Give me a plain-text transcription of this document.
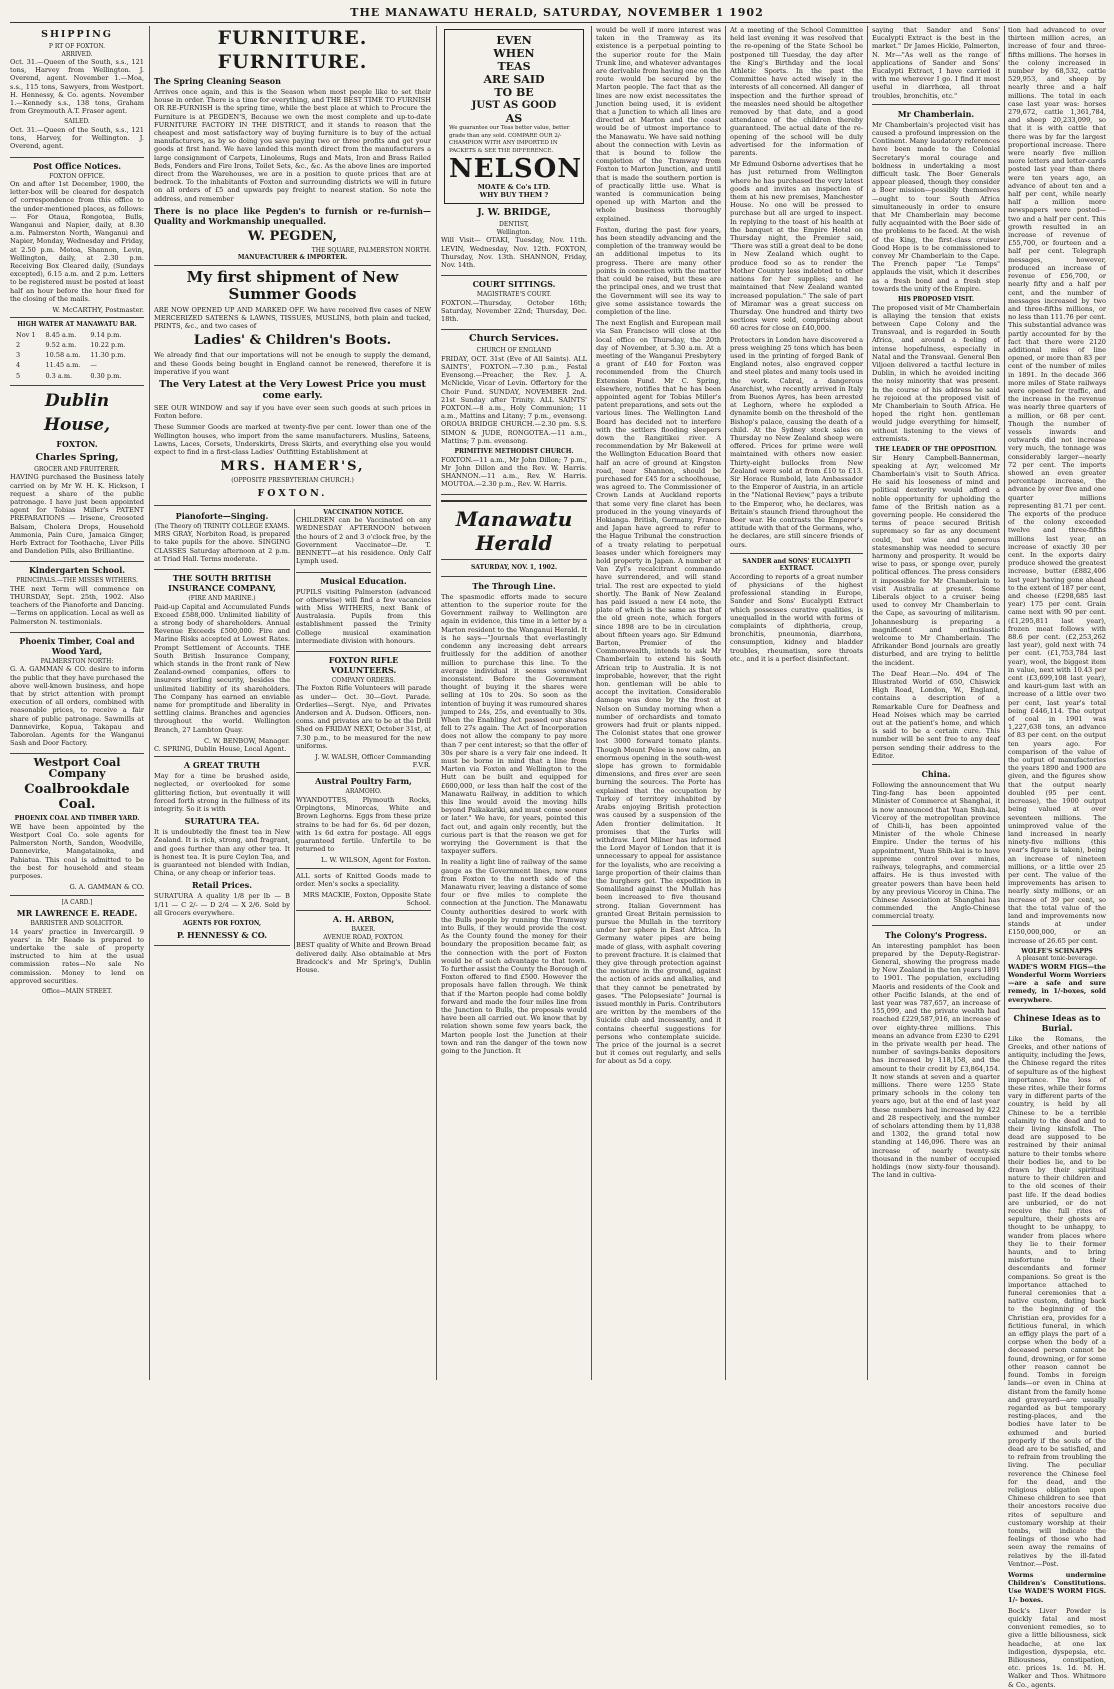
THE MANAWATU HERALD, SATURDAY, NOVEMBER 1 1902
SHIPPING
P RT OF FOXTON.
ARRIVED.

Oct. 31.—Queen of the South, s.s., 121 tons, Harvey from Wellington. J. Overend, agent. November 1.—Moa, s.s., 115 tons, Sawyers, from Westport. H. Hennessy, & Co. agents. November 1.—Kennedy s.s., 138 tons, Graham from Greymouth A.T. Fraser agent.

SAILED.

Oct. 31.—Queen of the South, s.s., 121 tons, Harvey, for Wellington. J. Overend, agent.

Post Office Notices.
FOXTON OFFICE.

On and after 1st December, 1900, the letter-box will be cleared for despatch of correspondence from this office to the under-mentioned places, as follows:— For Otaua, Rongotea, Bulls, Wanganui and Napier, daily, at 8.30 a.m. Palmerston North, Wanganui and Napier, Monday, Wednesday and Friday, at 2.50 p.m. Motoa, Shannon, Levin, Wellington, daily, at 2.30 p.m. Receiving Box Cleared daily, (Sundays excepted), 6.15 a.m. and 2 p.m. Letters to be registered must be posted at least half an hour before the hour fixed for the closing of the mails.

W. McCARTHY, Postmaster.
HIGH WATER AT MANAWATU BAR.
Nov 1	8.45 a.m.	9.14 p.m.
2	9.52 a.m.	10.22 p.m.
3	10.58 a.m.	11.30 p.m.
4	11.45 a.m.	—
5	0.3 a.m.	0.30 p.m.
Dublin House,
FOXTON.
Charles Spring,
GROCER AND FRUITERER.

HAVING purchased the Business lately carried on by Mr W. H. K. Hickson, I request a share of the public patronage. I have just been appointed agent for Tobias Miller's PATENT PREPARATIONS — Irisene, Creosoted Balsam, Cholera Drops, Household Ammonia, Pain Cure, Jamaica Ginger, Herb Extract for Toothache, Liver Pills and Dandelion Pills, also Brilliantine.

Kindergarten School.
PRINCIPALS.—THE MISSES WITHERS.

THE next Term will commence on THURSDAY, Sept. 25th, 1902. Also teachers of the Pianoforte and Dancing.—Terms on application. Local as well as Palmerston N. testimonials.

Phoenix Timber, Coal and Wood Yard,
PALMERSTON NORTH:

G. A. GAMMAN & CO. desire to inform the public that they have purchased the above well-known business, and hope that by strict attention with prompt execution of all orders, combined with reasonable prices, to receive a fair share of public patronage. Sawmills at Dannevirke, Kopua, Takapau and Taborolan. Agents for the Wanganui Sash and Door Factory.

Westport Coal Company
Coalbrookdale Coal.
PHOENIX COAL AND TIMBER YARD.

WE have been appointed by the Westport Coal Co. sole agents for Palmerston North, Sandon, Woodville, Dannevirke, Mangatainoka, and Pahiatua. This coal is admitted to be the best for household and steam purposes.

G. A. GAMMAN & CO.
[A CARD.]
MR LAWRENCE E. READE.
BARRISTER AND SOLICITOR.

14 years' practice in Invercargill. 9 years' in Mr Reade is prepared to undertake the sale of property instructed to him at the usual commission rates—No sale No commission. Money to lend on approved securities.

Office—MAIN STREET.
FURNITURE. FURNITURE.
The Spring Cleaning Season

Arrives once again, and this is the Season when most people like to set their house in order. There is a time for everything, and THE BEST TIME TO FURNISH OR RE-FURNISH is the spring time, while the best place at which to Procure the Furniture is at PEGDEN'S, Because we own the most complete and up-to-date FURNITURE FACTORY IN THE DISTRICT, and it stands to reason that the cheapest and most satisfactory way of buying furniture is to buy of the actual manufacturers, as by so doing you save paying two or three profits and get your goods at first hand. We have landed this month direct from the manufacturers a large consignment of Carpets, Linoleums, Rugs and Mats, Iron and Brass Railed Beds, Fenders and Fire Irons, Toilet Sets, &c., &c. As the above lines are imported direct from the Warehouses, we are in a position to quote prices that are at bedrock. To the inhabitants of Foxton and surrounding districts we will in future on all orders of £5 and upwards pay freight to nearest station. So note the address, and remember

There is no place like Pegden's to furnish or re-furnish—Quality and Workmanship unequalled.

W. PEGDEN,
THE SQUARE, PALMERSTON NORTH.
MANUFACTURER & IMPORTER.
My first shipment of New Summer Goods

ARE NOW OPENED UP AND MARKED OFF. We have received five cases of NEW MERCERIZED SATEENS & LAWNS, TISSUES, MUSLINS, both plain and tucked, PRINTS, &c., and two cases of

Ladies' & Children's Boots.

We already find that our importations will not be enough to supply the demand, and these Goods being bought in England cannot be renewed, therefore it is imperative if you want

The Very Latest at the Very Lowest Price you must come early.

SEE OUR WINDOW and say if you have ever seen such goods at such prices in Foxton before.

These Summer Goods are marked at twenty-five per cent. lower than one of the Wellington houses, who import from the same manufacturers. Muslins, Sateens, Lawns, Laces, Corsets, Underskirts, Dress Skirts, and everything else you would expect to find in a first-class Ladies' Outfitting Establishment at

MRS. HAMER'S,
(OPPOSITE PRESBYTERIAN CHURCH.)
FOXTON.
Pianoforte—Singing.
(The Theory of) TRINITY COLLEGE EXAMS.

MRS GRAY, Norbiton Road, is prepared to take pupils for the above. SINGING CLASSES Saturday afternoon at 2 p.m. at Triad Hall. Terms moderate.

THE SOUTH BRITISH INSURANCE COMPANY,
(FIRE AND MARINE.)

Paid-up Capital and Accumulated Funds Exceed £588,000. Unlimited liability of a strong body of shareholders. Annual Revenue Exceeds £500,000. Fire and Marine Risks accepted at Lowest Rates. Prompt Settlement of Accounts. THE South British Insurance Company, which stands in the front rank of New Zealand-owned companies, offers to insurers sterling security, besides the unlimited liability of its shareholders. The Company has earned an enviable name for promptitude and liberality in settling claims. Branches and agencies throughout the world. Wellington Branch, 27 Lambton Quay.

C. W. BENBOW, Manager.
C. SPRING, Dublin House, Local Agent.
A GREAT TRUTH

May for a time be brushed aside, neglected, or overlooked for some glittering fiction, but eventually it will forced forth strong in the fullness of its integrity. So it is with

SURATURA TEA.

It is undoubtedly the finest tea in New Zealand. It is rich, strong, and fragrant, and goes further than any other tea. It is honest tea. It is pure Ceylon Tea, and is guaranteed not blended with Indian, China, or any cheap or inferior teas.

Retail Prices.

SURATURA A quality 1/8 per lb — B 1/11 — C 2/- — D 2/4 — X 2/6. Sold by all Grocers everywhere.

AGENTS FOR FOXTON,
P. HENNESSY & CO.
VACCINATION NOTICE.

CHILDREN can be Vaccinated on any WEDNESDAY AFTERNOON between the hours of 2 and 3 o'clock free, by the Government Vaccinator—Dr. T. BENNETT—at his residence. Only Calf Lymph used.

Musical Education.

PUPILS visiting Palmerston (advanced or otherwise) will find a few vacancies with Miss WITHERS, next Bank of Australasia. Pupils from this establishment passed the Trinity College musical examination intermediate division with honours.

FOXTON RIFLE VOLUNTEERS.
COMPANY ORDERS.

The Foxton Rifle Volunteers will parade as under— Oct. 30—Govt. Parade. Orderlies—Sergt. Nye, and Privates Anderson and A. Dudson. Officers, non-coms. and privates are to be at the Drill Shed on FRIDAY NEXT, October 31st, at 7.30 p.m., to be measured for the new uniforms.

J. W. WALSH, Officer Commanding F.V.R.
Austral Poultry Farm,
ARAMOHO.

WYANDOTTES, Plymouth Rocks, Orpingtons, Minorcas, White and Brown Leghorns. Eggs from these prize strains to be had for 6s. 6d per dozen, with 1s 6d extra for postage. All eggs guaranteed fertile. Unfertile to be returned to

L. W. WILSON, Agent for Foxton.

ALL sorts of Knitted Goods made to order. Men's socks a speciality.

MRS MACKIE, Foxton, Opposite State School.
A. H. ARBON,
BAKER.
AVENUE ROAD, FOXTON.

BEST quality of White and Brown Bread delivered daily. Also obtainable at Mrs Bradcock's and Mr Spring's, Dublin House.

EVEN
WHEN
TEAS
ARE SAID
TO BE
JUST AS GOOD
AS
We guarantee our Teas better value, better grade than any sold. COMPARE OUR 2/- CHAMPION WITH ANY IMPORTED IN PACKETS & SEE THE DIFFERENCE.
NELSON
MOATE & Co's LTD.
WHY BUY THEM ?
J. W. BRIDGE,
DENTIST,
Wellington.

Will Visit— OTAKI, Tuesday, Nov. 11th. LEVIN, Wednesday, Nov. 12th. FOXTON, Thursday, Nov. 13th. SHANNON, Friday, Nov. 14th.

COURT SITTINGS.
MAGISTRATE'S COURT.

FOXTON.—Thursday, October 16th; Saturday, November 22nd; Thursday, Dec. 18th.

Church Services.
CHURCH OF ENGLAND

FRIDAY, OCT. 31st (Eve of All Saints). ALL SAINTS', FOXTON.—7.30 p.m., Festal Evensong.—Preacher, the Rev. J. A. McNickle, Vicar of Levin. Offertory for the Choir Fund. SUNDAY, NOVEMBER 2nd. 21st Sunday after Trinity. ALL SAINTS' FOXTON.—8 a.m., Holy Communion; 11 a.m., Mattins and Litany; 7 p.m., evensong. OROUA BRIDGE CHURCH.—2.30 pm. S.S. SIMON & JUDE, RONGOTEA.—11 a.m., Mattins; 7 p.m. evensong.

PRIMITIVE METHODIST CHURCH.

FOXTON.—11 a.m., Mr John Dillon; 7 p.m., Mr John Dillon and the Rev. W. Harris. SHANNON.—11 a.m., Rev. W. Harris. MOUTOA.—2.30 p.m., Rev. W. Harris.

Manawatu Herald
SATURDAY, NOV. 1, 1902.
The Through Line.

The spasmodic efforts made to secure attention to the superior route for the Government railway to Wellington are again in evidence, this time in a letter by a Marton resident to the Wanganui Herald. It is he says—"Journals that everlastingly condemn any increasing debt arrears fruitlessly for the addition of another million to purchase this line. To the average individual it seems somewhat inconsistent. Before the Government thought of buying it the shares were selling at 10s to 20s. So soon as the intention of buying it was rumoured shares jumped to 24s, 25s, and eventually to 30s. When the Enabling Act passed our shares fell to 27s again. The Act of Incorporation does not allow the company to pay more than 7 per cent interest; so that the offer of 30s per share is a very fair one indeed. It must be borne in mind that a line from Marton via Foxton and Wellington to the Hutt can be built and equipped for £600,000, or less than half the cost of the Manawatu Railway, in addition to which this line would avoid the moving hills beyond Paikakariki, and must come sooner or later." We have, for years, pointed this fact out, and again only recently, but the curious part is that the reason we get for worrying the Government is that the taxpayer suffers.

In reality a light line of railway of the same gauge as the Government lines, now runs from Foxton to the north side of the Manawatu river, leaving a distance of some four or five miles to complete the connection at the Junction. The Manawatu County authorities desired to work with the Bulls people by running the Tramway into Bulls, if they would provide the cost. As the County found the money for their boundary the proposition became fair, as the connection with the port of Foxton would be of such advantage to that town. To further assist the County the Borough of Foxton offered to find £500. However the proposals have fallen through. We think that if the Marton people had come boldly forward and made the four miles line from the Junction to Bulls, the proposals would have been all carried out. We know that by relation shown some few years back, the Marton people lost the Junction at their town and ran the danger of the town now going to the Junction. It

would be well if more interest was taken in the Tramway as its existence is a perpetual pointing to the superior route for the Main Trunk line, and whatever advantages are derivable from having one on the route would be secured by the Marton people. The fact that as the lines are now exist necessitates the Junction being used, it is evident that a Junction to which all lines are directed at Marton and the coast would be of utmost importance to the Manawatu. We have said nothing about the connection with Levin as that is bound to follow the completion of the Tramway from Foxton to Marton Junction, and until that is made the southern portion is of practically little use. What is wanted is communication being opened up with Marton and the whole business thoroughly explained.

Foxton, during the past few years, has been steadily advancing and the completion of the tramway would be an additional impetus to its progress. There are many other points in connection with the matter that could be raised, but these are the principal ones, and we trust that the Government will see its way to give some assistance towards the completion of the line.

The next English and European mail via San Francisco will close at the local office on Thursday, the 20th day of November, at 5.30 a.m. At a meeting of the Wanganui Presbytery a grant of £40 for Foxton was recommended from the Church Extension Fund. Mr C. Spring, elsewhere, notifies that he has been appointed agent for Tobias Miller's patent preparations, and sets out the various lines. The Wellington Land Board has decided not to interfere with the settlers flooding sleepers down the Rangitikei river. A recommendation by Mr Bakewell at the Wellington Education Board that half an acre of ground at Kingston road, near Shannon, should be purchased for £45 for a schoolhouse, was agreed to. The Commissioner of Crown Lands at Auckland reports that some very fine claret has been produced in the young vineyards of Hokianga. British, Germany, France and Japan have agreed to refer to the Hague Tribunal the construction of a treaty relating to perpetual leases under which foreigners may hold property in Japan. A number at Van Zyl's recalcitrant commando have surrendered, and will stand trial. The rest are expected to yield shortly. The Bank of New Zealand has paid issued a new £4 note, the plate of which is the same as that of the old green note, which forgers since 1898 are to be in circulation about fifteen years ago. Sir Edmund Barton, Premier of the Commonwealth, intends to ask Mr Chamberlain to extend his South African trip to Australia. It is not improbable, however, that the right hon. gentleman will be able to accept the invitation. Considerable damage was done by the frost at Nelson on Sunday morning when a number of orchardists and tomato growers had fruit or plants nipped. The Colonist states that one grower lost 3000 forward tomato plants. Though Mount Pelee is now calm, an enormous opening in the south-west slope has grown to formidable dimensions, and fires ever are seen burning the sources. The Porte has explained that the occupation by Turkey of territory inhabited by Arabs enjoying British protection was caused by a suspension of the Aden frontier delimitation. It promises that the Turks will withdraw. Lord Milner has informed the Lord Mayor of London that it is unnecessary to appeal for assistance for the loyalists, who are receiving a large proportion of their claims than the burghers get. The expedition in Somaliland against the Mullah has been increased to five thousand strong. Italian Government has granted Great Britain permission to pursue the Mullah in the territory under her sphere in East Africa. In Germany water pipes are being made of glass, with asphalt covering to prevent fracture. It is claimed that they give through protection against the moisture in the ground, against the action of acids and alkalies, and that they cannot be penetrated by gases. "The Pelopsesiate" Journal is issued monthly in Paris. Contributors are written by the members of the Suicide club and incessantly, and it contains cheerful suggestions for persons who contemplate suicide. The price of the journal is a secret but it comes out regularly, and sells for about as 5d a copy.

At a meeting of the School Committee held last evening it was resolved that the re-opening of the State School be postponed till Tuesday, the day after the King's Birthday and the local Athletic Sports. In the past the Committee have acted wisely in the interests of all concerned. All danger of inspection and the further spread of the measles need should be altogether removed by that date, and a good attendance of the children thereby guaranteed. The actual date of the re-opening of the school will be duly advertised for the information of parents.

Mr Edmund Osborne advertises that he has just returned from Wellington where he has purchased the very latest goods and invites an inspection of them at his new premises, Manchester House. No one will be pressed to purchase but all are urged to inspect. In replying to the toast of his health at the banquet at the Empire Hotel on Thursday night, the Premier said, "There was still a great deal to be done in New Zealand which ought to produce food so as to render the Mother Country less indebted to other nations for her supplies; and he maintained that New Zealand wanted increased population." The sale of part of Miramar was a great success on Thursday. One hundred and thirty two sections were sold, comprising about 60 acres for close on £40,000.

Protectors in London have discovered a press weighing 25 tons which has been used in the printing of forged Bank of England notes, also engraved copper and steel plates and many tools used in the work. Cabral, a dangerous Anarchist, who recently arrived in Italy from Buenos Ayres, has been arrested at Leghorn, where he exploded a dynamite bomb on the threshold of the Bishop's palace, causing the death of a child. At the Sydney stock sales on Thursday no New Zealand sheep were offered. Prices for prime were well maintained with others now easier. Thirty-eight bullocks from New Zealand were sold at from £10 to £13. Sir Horace Rumbold, late Ambassador to the Emperor of Austria, in an article in the "National Review," pays a tribute to the Emperor, who, he declares, was Britain's staunch friend throughout the Boer war. He contrasts the Emperor's attitude with that of the Germans, who, he declares, are still sincere friends of ours.

SANDER and SONS' EUCALYPTI EXTRACT.

According to reports of a great number of physicians of the highest professional standing in Europe, Sander and Sons' Eucalypti Extract which possesses curative qualities, is unequalled in the world with forms of complaints of diphtheria, croup, bronchitis, pneumonia, diarrhœa, consumption, kidney and bladder troubles, rheumatism, sore throats etc., and it is a perfect disinfectant.

saying that Sander and Sons' Eucalypti Extract is the best in the market." Dr James Hickie, Palmerton, N. Mr—"As well as the range of applications of Sander and Sons' Eucalypti Extract, I have carried it with me wherever I go. I find it most useful in diarrhœa, all throat troubles, bronchitis, etc."

Mr Chamberlain.

Mr Chamberlain's projected visit has caused a profound impression on the Continent. Many laudatory references have been made to the Colonial Secretary's moral courage and boldness in undertaking a most difficult task. The Boer Generals appear pleased, though they consider a Boer mission—possibly themselves—ought to tour South Africa simultaneously in order to ensure that Mr Chamberlain may become fully acquainted with the Boer side of the problems to be faced. At the wish of the King, the first-class cruiser Good Hope is to be commissioned to convey Mr Chamberlain to the Cape. The French paper "Le Temps" applauds the visit, which it describes as a fresh bond and a fresh step towards the unity of the Empire.

HIS PROPOSED VISIT.

The proposed visit of Mr Chamberlain is allaying the tension that exists between Cape Colony and the Transvaal, and is regarded in South Africa, and around a feeling of intense hopefulness, especially in Natal and the Transvaal. General Ben Viljoen delivered a tactful lecture in Dublin, in which he avoided inciting the noisy minority that was present. In the course of his address he said he rejoiced at the proposed visit of Mr Chamberlain to South Africa. He hoped the right hon. gentleman would judge everything for himself, without listening to the views of extremists.

THE LEADER OF THE OPPOSITION.

Sir Henry Campbell-Bannerman, speaking at Ayr, welcomed Mr Chamberlain's visit to South Africa. He said his looseness of mind and political dexterity would afford a noble opportunity for upholding the fame of the British nation as a governing people. He considered the terms of peace secured British supremacy so far as any document could, but wise and generous statesmanship was needed to secure harmony and prosperity. It would be wise to pass, or sponge over, purely political offences. The press considers it impossible for Mr Chamberlain to visit Australia at present. Some Liberals object to a cruiser being used to convey Mr Chamberlain to the Cape, as savouring of militarism. Johannesburg is preparing a magnificent and enthusiastic welcome to Mr Chamberlain. The Afrikander Bond journals are greatly disturbed, and are trying to belittle the incident.

The Deaf Hear.—No. 494 of The Illustrated World of 650, Chiswick High Road, London, W., England, contains a description of a Remarkable Cure for Deafness and Head Noises which may be carried out at the patient's home, and which is said to be a certain cure. This number will be sent free to any deaf person sending their address to the Editor.

China.

Following the announcement that Wu Ting-fang has been appointed Minister of Commerce at Shanghai, it is now announced that Yuan Shih-kai, Viceroy of the metropolitan province of Chili-li, has been appointed Minister of the whole Chinese Empire. Under the terms of his appointment, Yuan Shih-kai is to have supreme control over mines, railways, telegraphs, and commercial affairs. He is thus invested with greater powers than have been held by any previous Viceroy in China. The Chinese Association at Shanghai has commended the Anglo-Chinese commercial treaty.

The Colony's Progress.

An interesting pamphlet has been prepared by the Deputy-Registrar-General, showing the progress made by New Zealand in the ten years 1891 to 1901. The population, excluding Maoris and residents of the Cook and other Pacific Islands, at the end of last year was 787,657, an increase of 155,099, and the private wealth had reached £229,587,916, an increase of over eighty-three millions. This means an advance from £230 to £291 in the private wealth per head. The number of savings-banks depositors has increased by 118,158, and the amount to their credit by £3,864,154. It now stands at seven and a quarter millions. There were 1255 State primary schools in the colony ten years ago, but at the end of last year these numbers had increased by 422 and 28 respectively, and the number of scholars attending them by 11,838 and 1302, the grand total now standing at 146,096. There was an increase of nearly twenty-six thousand in the number of occupied holdings (now sixty-four thousand). The land in cultiva-

tion had advanced to over thirteen million acres, an increase of four and three-fifths millions. The horses in the colony increased in number by 68,532, cattle 529,953, and sheep by nearly three and a half millions. The total in each case last year was: horses 279,672, cattle 1,361,784, and sheep 20,233,099, so that it is with cattle that there was by far the largest proportional increase. There were nearly five million more letters and letter-cards posted last year than there were ten years ago, an advance of about ten and a half per cent, while nearly half a million more newspapers were posted—two and a half per cent. This growth resulted in an increase of revenue of £55,700, or fourteen and a half per cent. Telegraph messages, however, produced an increase of revenue of £56,700, or nearly fifty and a half per cent, and the number of messages increased by two and three-fifths millions, or no less than 111.76 per cent. This substantial advance was partly accounted for by the fact that there were 2120 additional miles of line opened, or more than 83 per cent of the number of miles in 1891. In the decade 366 more miles of State railways were opened for traffic, and the increase in the revenue was nearly three quarters of a million, or 68 per cent. Though the number of vessels inwards and outwards did not increase very much, the tonnage was considerably larger—nearly 72 per cent. The imports showed an even greater percentage increase, the advance by over five and one quarter millions representing 81.71 per cent. The exports of the produce of the colony exceeded twelve and three-fifths millions last year, an increase of exactly 30 per cent. In the exports dairy produce showed the greatest increase, butter (£882,406 last year) having gone ahead to the extent of 187 per cent, and cheese (£298,685 last year) 175 per cent. Grain came next with 90 per cent. (£1,295,811 last year), frozen meat follows with 88.6 per cent. (£2,253,262 last year), gold next with 74 per cent. (£1,753,784 last year), wool, the biggest item in value, next with 10.43 per cent (£3,699,108 last year), and kauri-gum last with an increase of a little over two per cent, last year's total being £446,114. The output of coal in 1901 was 1,227,638 tons, an advance of 83 per cent. on the output ten years ago. For comparison of the value of the output of manufactories the years 1890 and 1900 are given, and the figures show that the output nearly doubled (95 per cent. increase), the 1900 output being valued at over seventeen millions. The unimproved value of the land increased in nearly ninety-five millions (this year's figure is taken), being an increase of nineteen millions, or a little over 25 per cent. The value of the improvements has arisen to nearly sixty millions, or an increase of 39 per cent, so that the total value of the land and improvements now stands at under £150,000,000, or an increase of 26.65 per cent.

WOLFE'S SCHNAPPS
A pleasant tonic-beverage.

WADE'S WORM FIGS—the Wonderful Worm Worriers—are a safe and sure remedy, in 1/-boxes, sold everywhere.

Chinese Ideas as to Burial.

Like the Romans, the Greeks, and other nations of antiquity, including the Jews, the Chinese regard the rites of sepulture as of the highest importance. The loss of these rites, while their forms vary in different parts of the country, is held by all Chinese to be a terrible calamity to the dead and to their living kinsfolk. The dead are supposed to be restrained by their animal nature to their tombs where their bodies lie, and to be drawn by their spiritual nature to their children and to the old scenes of their past life. If the dead bodies are unburied, or do not receive the full rites of sepulture, their ghosts are thought to be unhappy, to wander from places where they lie to their former haunts, and to bring misfortune to their descendants and former companions. So great is the importance attached to funeral ceremonies that a native custom, dating back to the beginning of the Christian era, provides for a fictitious funeral, in which an effigy plays the part of a corpse when the body of a deceased person cannot be found, drowning, or for some other reason cannot be found. Tombs in foreign lands—or even in China at distant from the family home and graveyard—are usually regarded as but temporary resting-places, and the bodies have later to be exhumed and buried properly if the souls of the dead are to be satisfied, and to refrain from troubling the living. The peculiar reverence the Chinese feel for the dead, and the religious obligation upon Chinese children to see that their ancestors receive due rites of sepulture and customary worship at their tombs, will indicate the feelings of those who had seen away the remains of relatives by the ill-fated Ventnor.—Post.

Worms undermine Children's Constitutions. Use WADE'S WORM FIGS. 1/- boxes.

Bock's Liver Powder is quickly fatal and most convenient remedies, so to give a little biliousness, sick headache, at one lax indigestion, dyspepsia, etc. Biliousness, constipation, etc. prices 1s. 1d. M. H. Walker and Thos. Whitmore & Co., agents.
